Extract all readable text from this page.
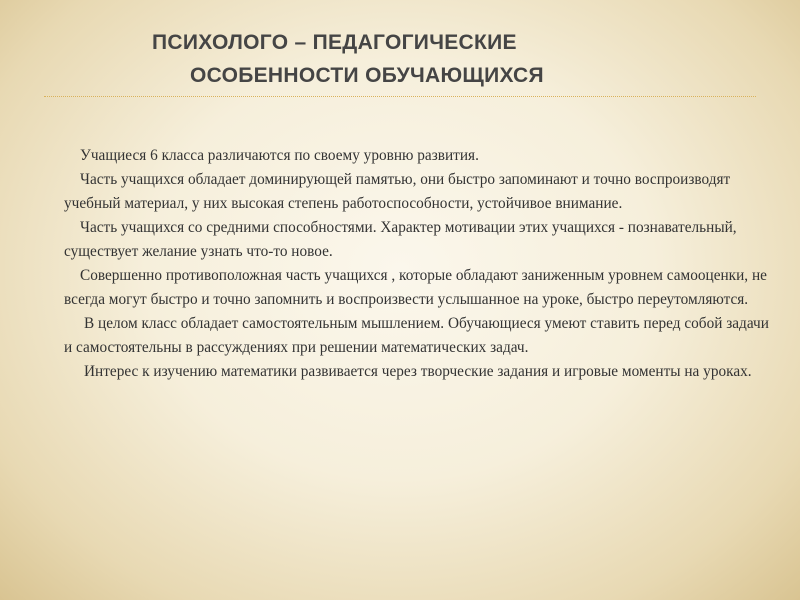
ПСИХОЛОГО – ПЕДАГОГИЧЕСКИЕ
ОСОБЕННОСТИ ОБУЧАЮЩИХСЯ

Учащиеся 6 класса различаются по своему уровню развития.

Часть учащихся обладает доминирующей памятью, они быстро запоминают и точно воспроизводят учебный материал, у них высокая степень работоспособности, устойчивое внимание.

Часть учащихся со средними способностями. Характер мотивации этих учащихся - познавательный, существует желание узнать что-то новое.

Совершенно противоположная часть учащихся , которые обладают заниженным уровнем самооценки, не всегда могут быстро и точно запомнить и воспроизвести услышанное на уроке, быстро переутомляются.

В целом класс обладает самостоятельным мышлением. Обучающиеся умеют ставить перед собой задачи и самостоятельны в рассуждениях при решении математических задач.

Интерес к изучению математики развивается через творческие задания и игровые моменты на уроках.
